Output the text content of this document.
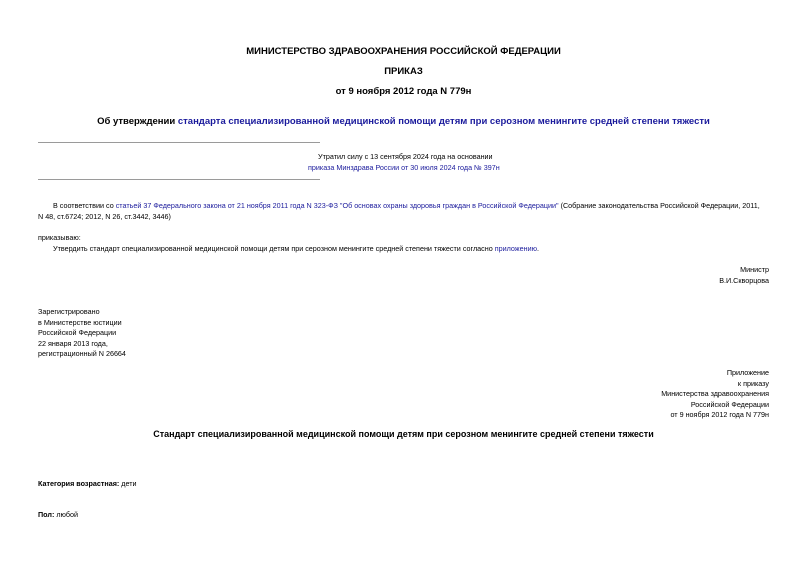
МИНИСТЕРСТВО ЗДРАВООХРАНЕНИЯ РОССИЙСКОЙ ФЕДЕРАЦИИ
ПРИКАЗ
от 9 ноября 2012 года N 779н
Об утверждении стандарта специализированной медицинской помощи детям при серозном менингите средней степени тяжести
Утратил силу с 13 сентября 2024 года на основании
приказа Минздрава России от 30 июля 2024 года № 397н
В соответствии со статьей 37 Федерального закона от 21 ноября 2011 года N 323-ФЗ "Об основах охраны здоровья граждан в Российской Федерации" (Собрание законодательства Российской Федерации, 2011,
N 48, ст.6724; 2012, N 26, ст.3442, 3446)
приказываю:
Утвердить стандарт специализированной медицинской помощи детям при серозном менингите средней степени тяжести согласно приложению.
Министр
В.И.Скворцова
Зарегистрировано
в Министерстве юстиции
Российской Федерации
22 января 2013 года,
регистрационный N 26664
Приложение
к приказу
Министерства здравоохранения
Российской Федерации
от 9 ноября 2012 года N 779н
Стандарт специализированной медицинской помощи детям при серозном менингите средней степени тяжести
Категория возрастная: дети
Пол: любой
